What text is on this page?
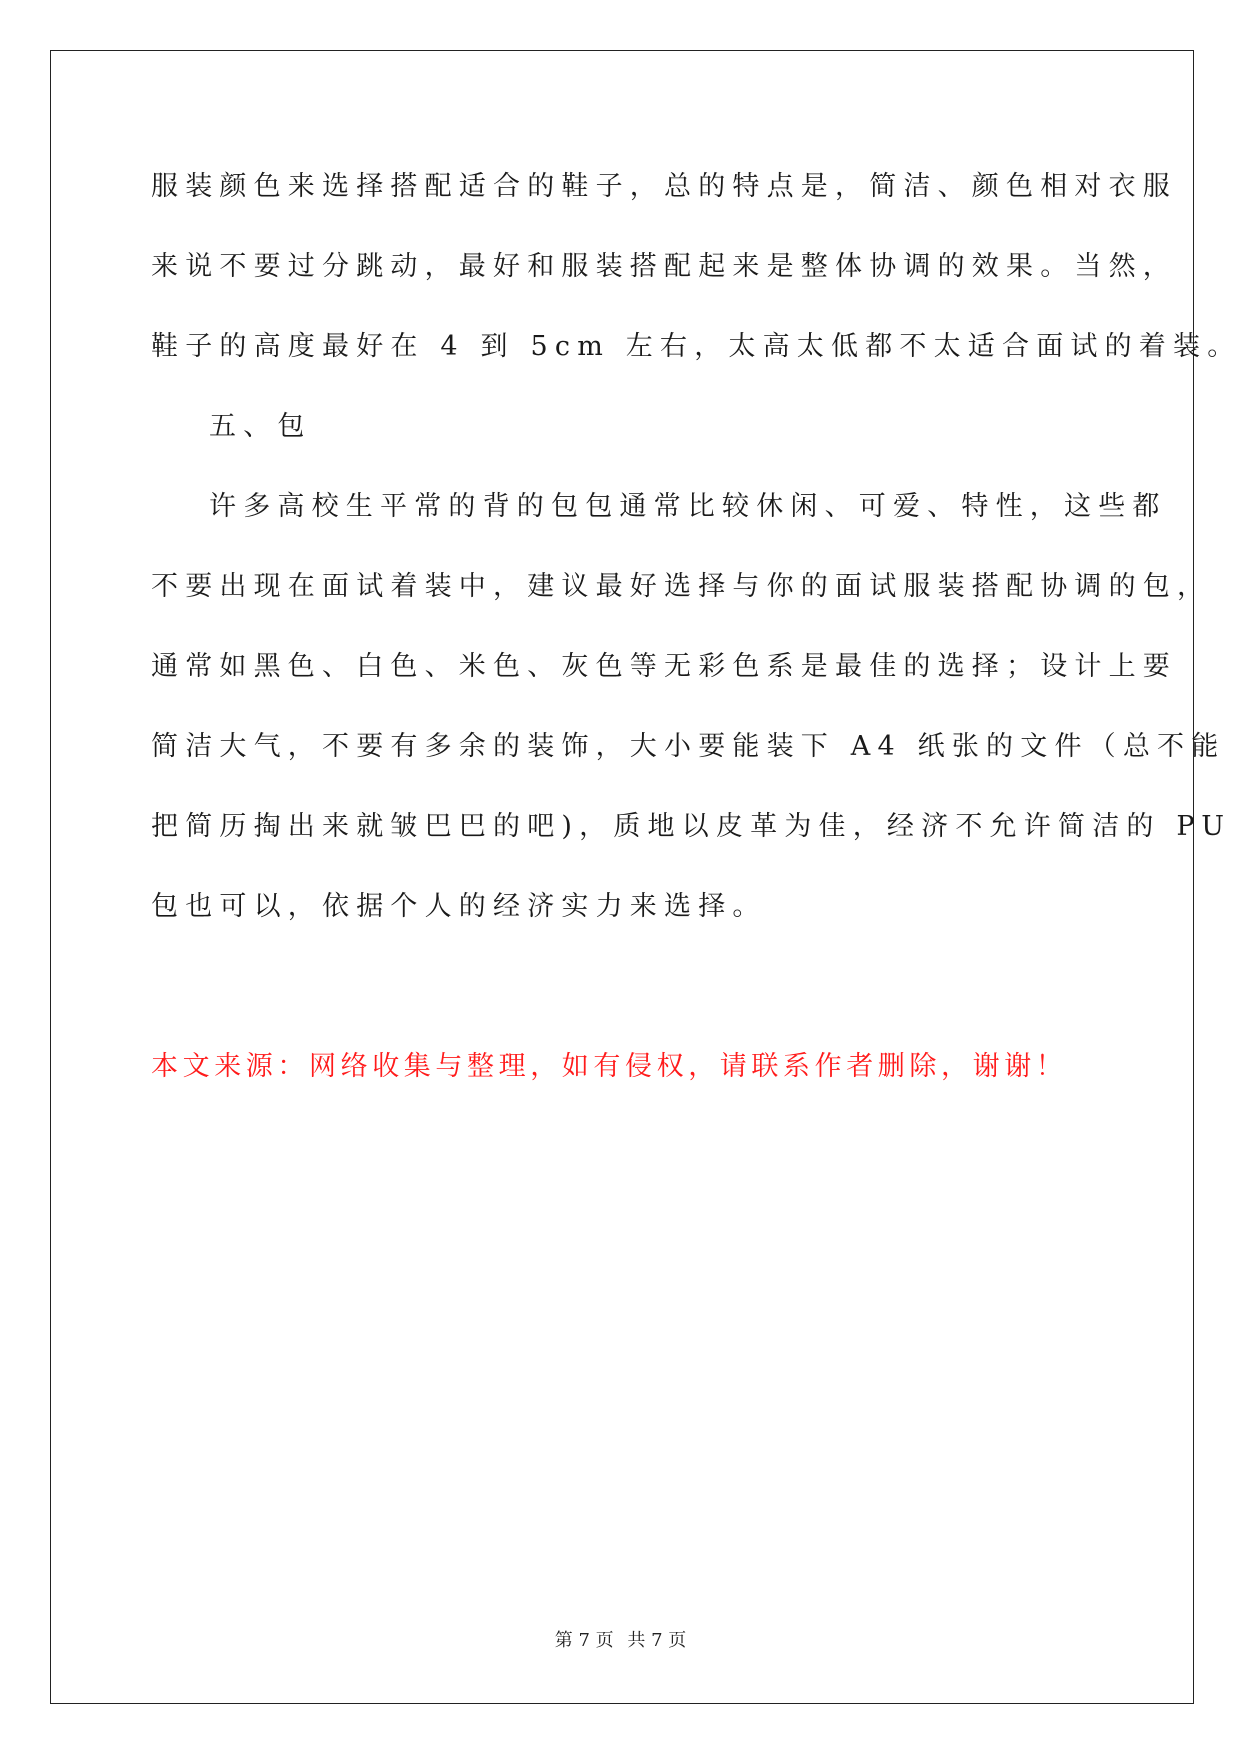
服装颜色来选择搭配适合的鞋子，总的特点是，简洁、颜色相对衣服
来说不要过分跳动，最好和服装搭配起来是整体协调的效果。当然，
鞋子的高度最好在 4 到 5cm 左右，太高太低都不太适合面试的着装。
五、包
许多高校生平常的背的包包通常比较休闲、可爱、特性，这些都
不要出现在面试着装中，建议最好选择与你的面试服装搭配协调的包，
通常如黑色、白色、米色、灰色等无彩色系是最佳的选择；设计上要
简洁大气，不要有多余的装饰，大小要能装下 A4 纸张的文件（总不能
把简历掏出来就皱巴巴的吧)，质地以皮革为佳，经济不允许简洁的 PU
包也可以，依据个人的经济实力来选择。
本文来源：网络收集与整理，如有侵权，请联系作者删除，谢谢！
第 7 页 共 7 页
